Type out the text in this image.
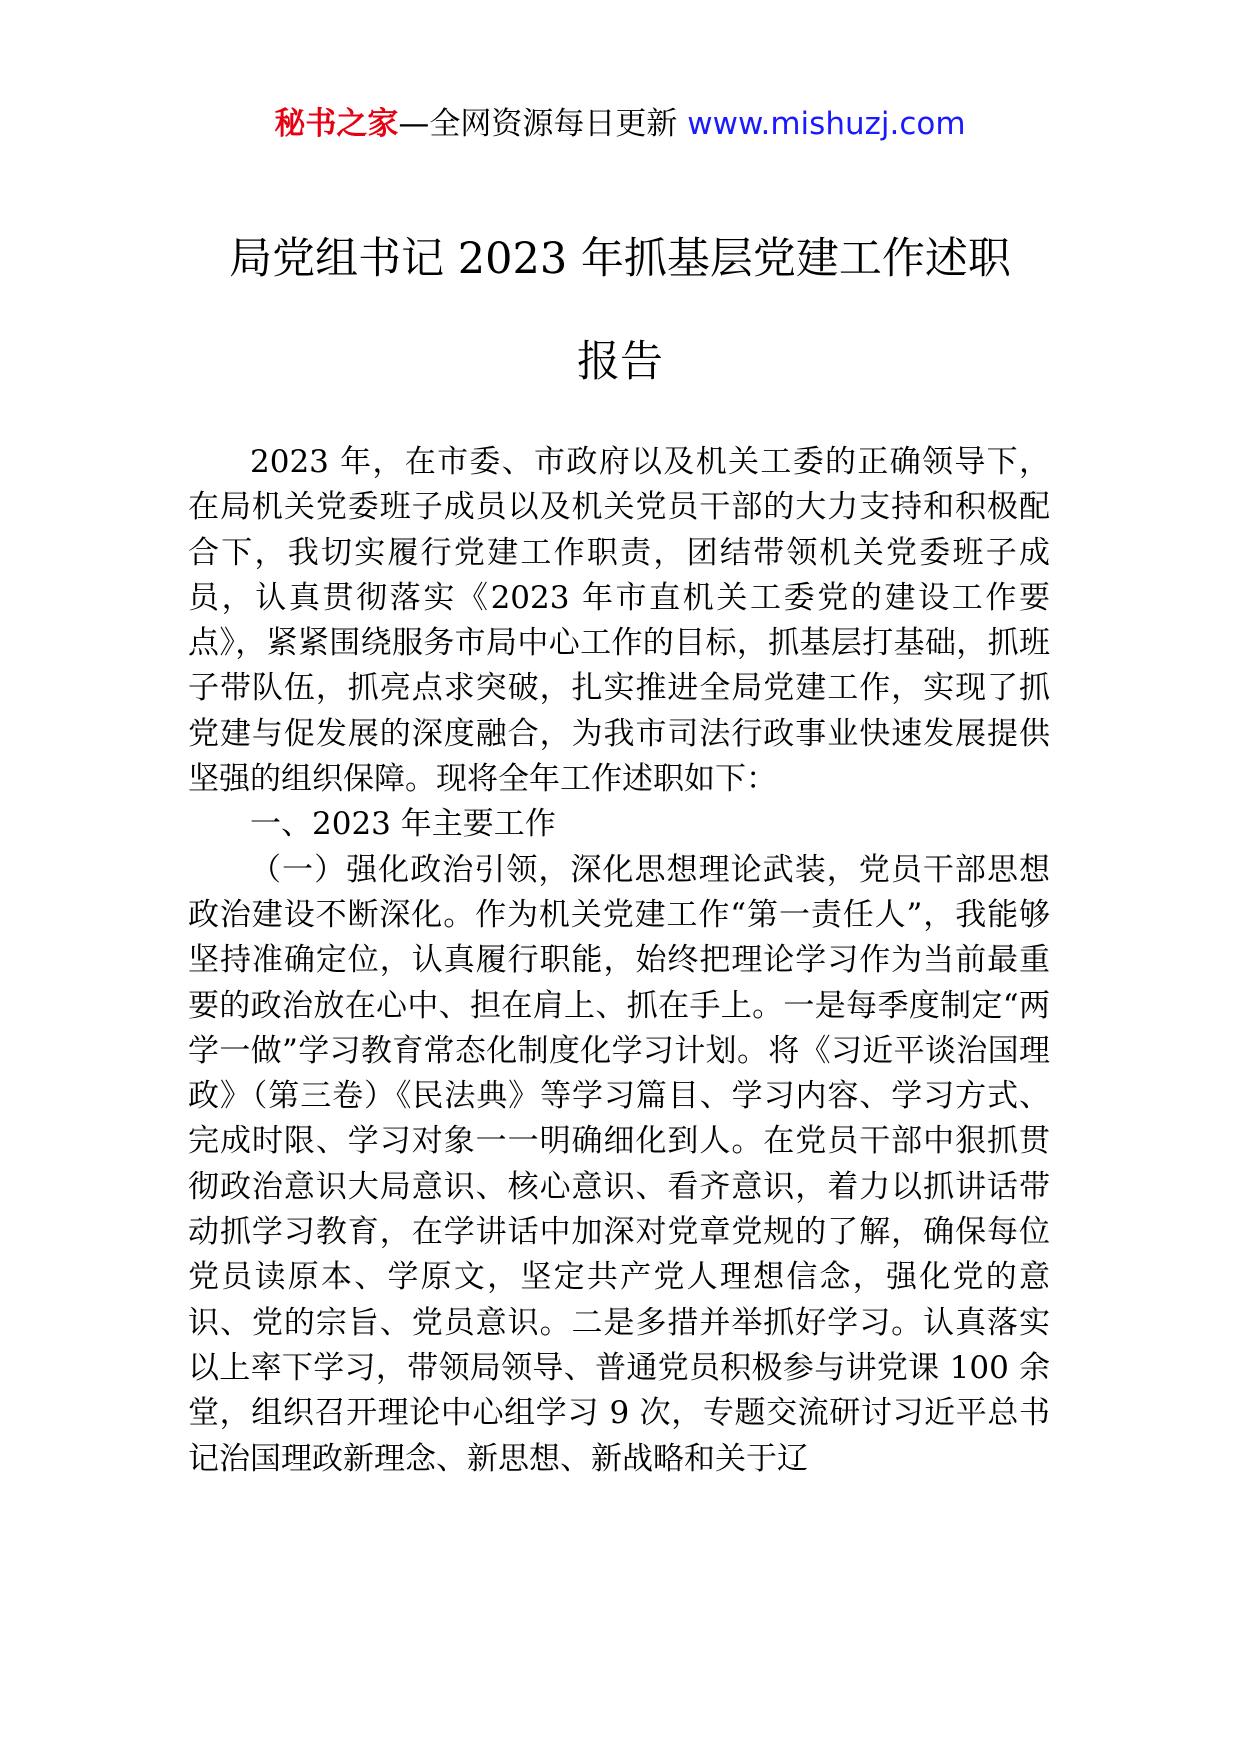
秘书之家—全网资源每日更新 www.mishuzj.com
局党组书记 2023 年抓基层党建工作述职
报告

2023 年，在市委、市政府以及机关工委的正确领导下，在局机关党委班子成员以及机关党员干部的大力支持和积极配合下，我切实履行党建工作职责，团结带领机关党委班子成员，认真贯彻落实《2023 年市直机关工委党的建设工作要点》，紧紧围绕服务市局中心工作的目标，抓基层打基础，抓班子带队伍，抓亮点求突破，扎实推进全局党建工作，实现了抓党建与促发展的深度融合，为我市司法行政事业快速发展提供坚强的组织保障。现将全年工作述职如下：

一、2023 年主要工作

（一）强化政治引领，深化思想理论武装，党员干部思想政治建设不断深化。作为机关党建工作“第一责任人”，我能够坚持准确定位，认真履行职能，始终把理论学习作为当前最重要的政治放在心中、担在肩上、抓在手上。一是每季度制定“两学一做”学习教育常态化制度化学习计划。将《习近平谈治国理政》（第三卷）《民法典》等学习篇目、学习内容、学习方式、完成时限、学习对象一一明确细化到人。在党员干部中狠抓贯彻政治意识大局意识、核心意识、看齐意识，着力以抓讲话带动抓学习教育，在学讲话中加深对党章党规的了解，确保每位党员读原本、学原文，坚定共产党人理想信念，强化党的意识、党的宗旨、党员意识。二是多措并举抓好学习。认真落实以上率下学习，带领局领导、普通党员积极参与讲党课 100 余堂，组织召开理论中心组学习 9 次，专题交流研讨习近平总书记治国理政新理念、新思想、新战略和关于辽
